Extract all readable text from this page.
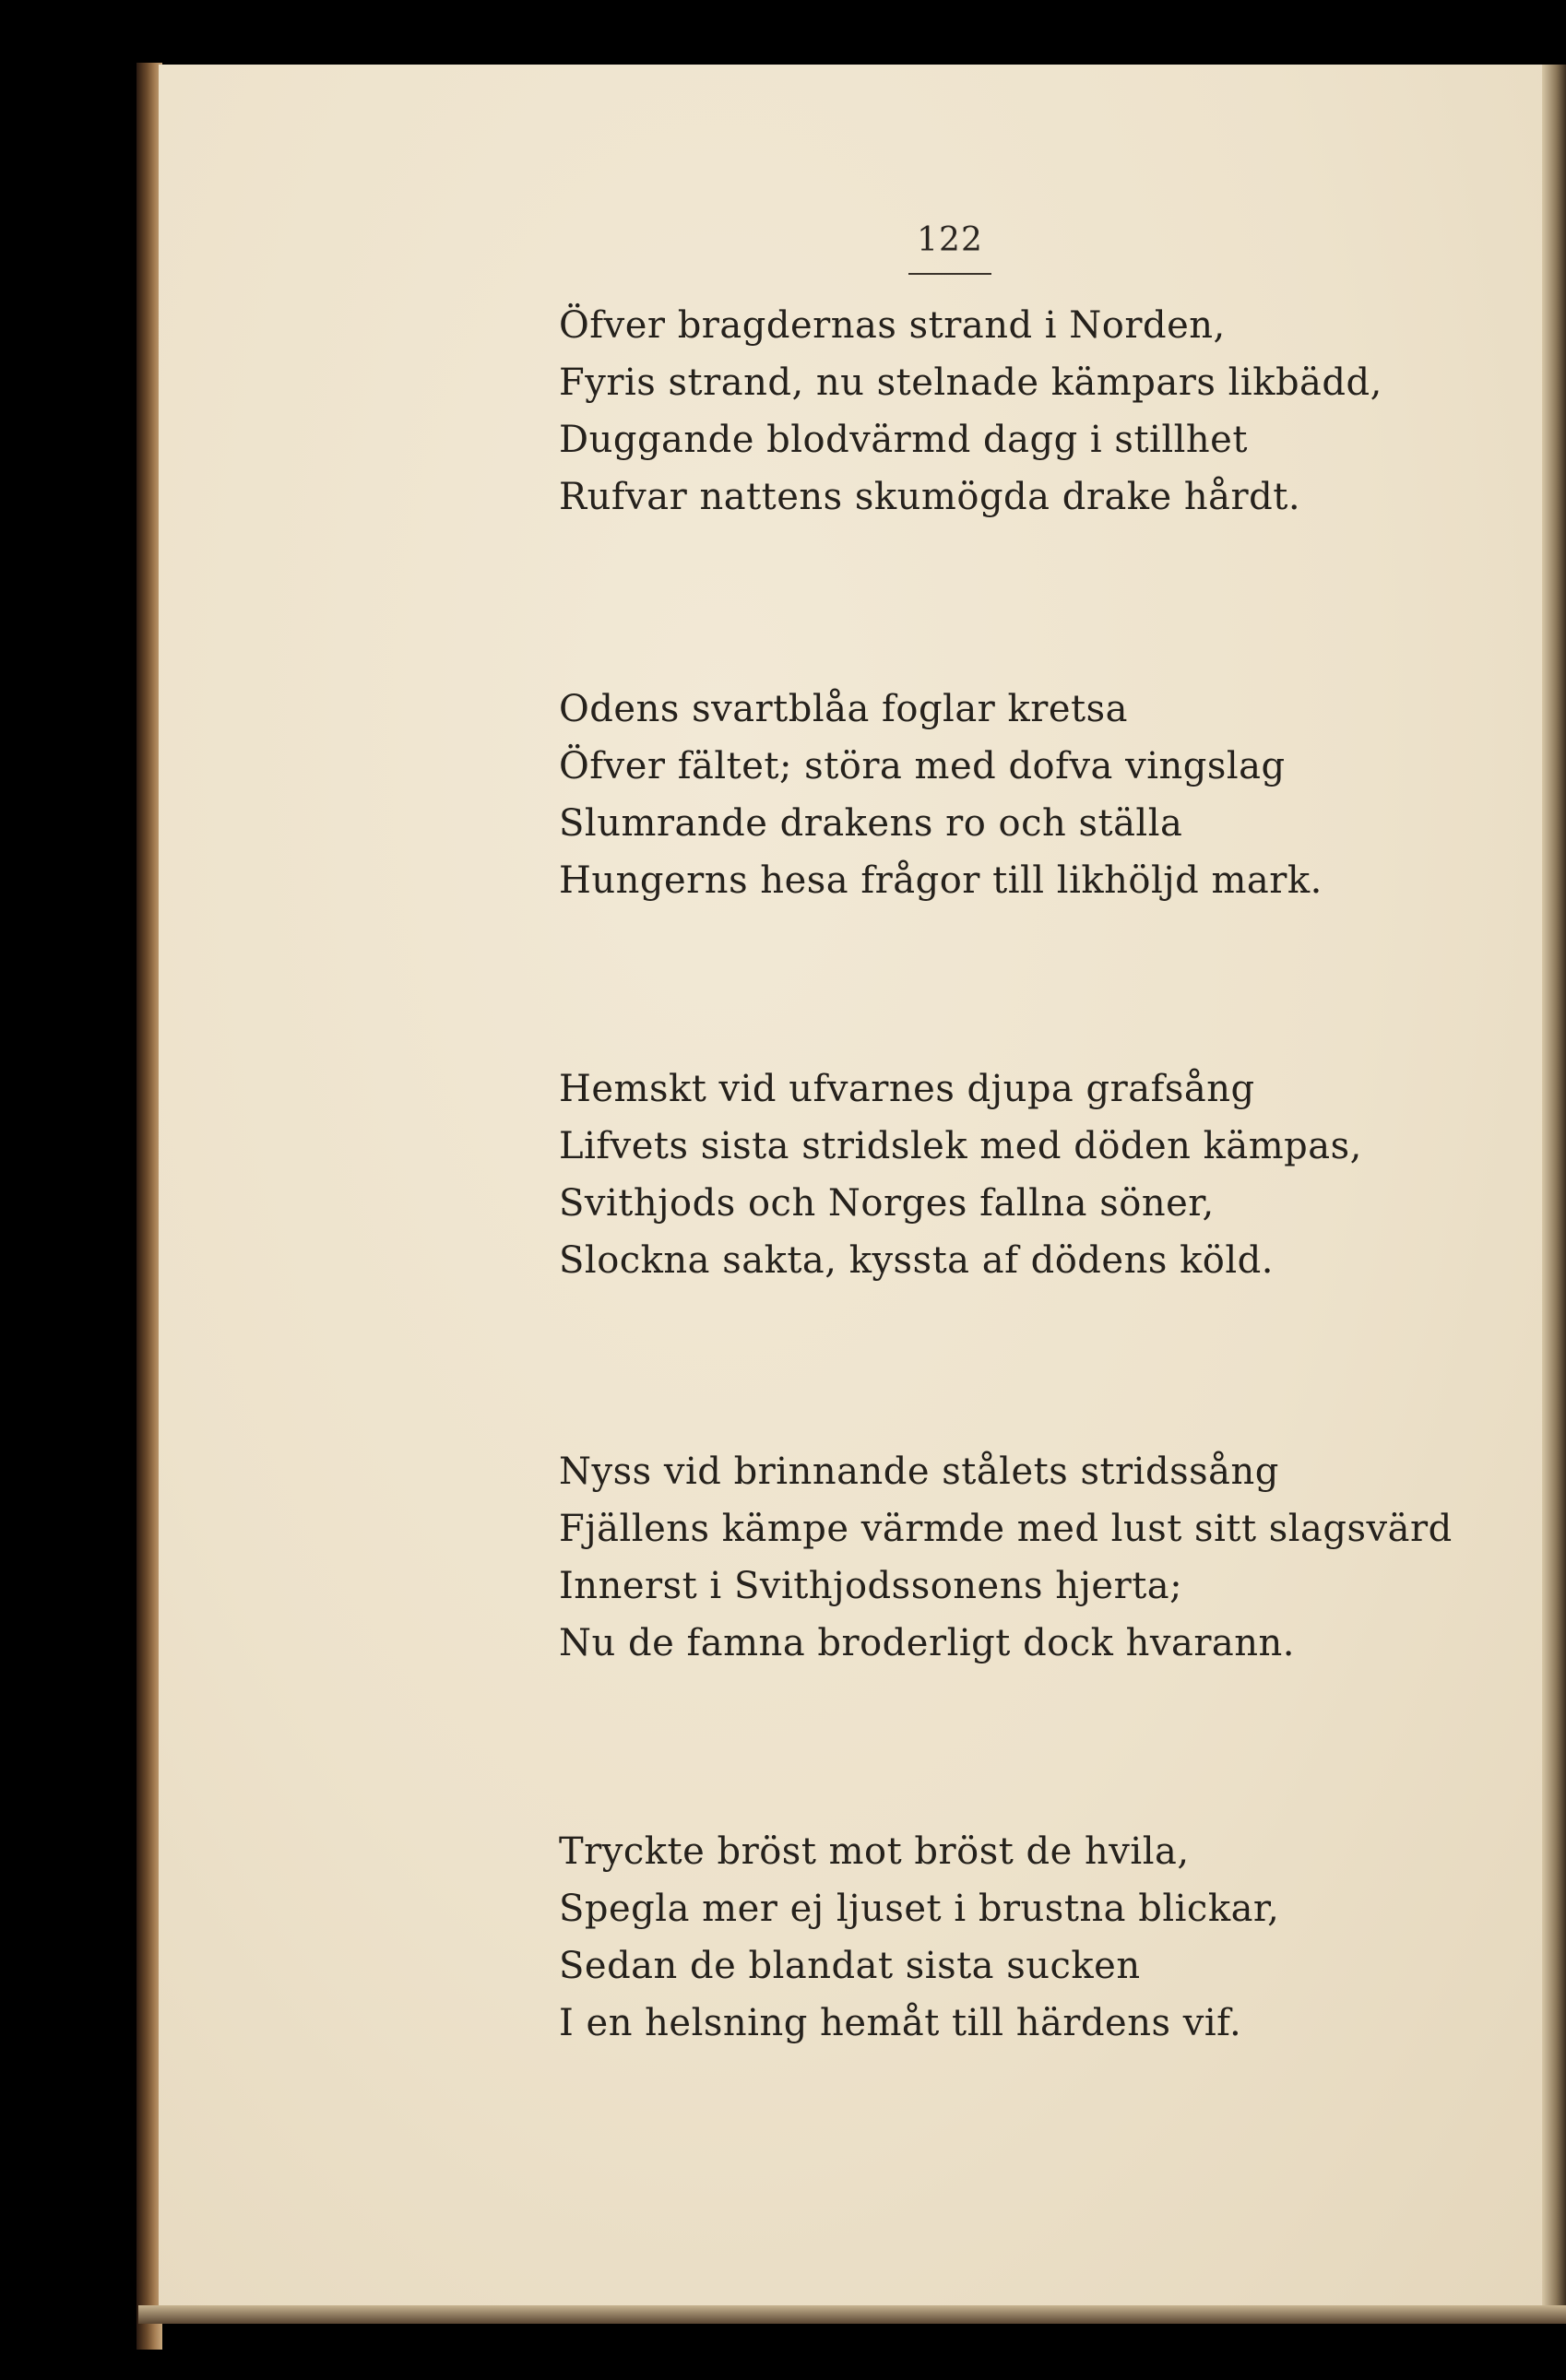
122
Öfver bragdernas strand i Norden,
Fyris strand, nu stelnade kämpars likbädd,
Duggande blodvärmd dagg i stillhet
Rufvar nattens skumögda drake hårdt.
Odens svartblåa foglar kretsa
Öfver fältet; störa med dofva vingslag
Slumrande drakens ro och ställa
Hungerns hesa frågor till likhöljd mark.
Hemskt vid ufvarnes djupa grafsång
Lifvets sista stridslek med döden kämpas,
Svithjods och Norges fallna söner,
Slockna sakta, kyssta af dödens köld.
Nyss vid brinnande stålets stridssång
Fjällens kämpe värmde med lust sitt slagsvärd
Innerst i Svithjodssonens hjerta;
Nu de famna broderligt dock hvarann.
Tryckte bröst mot bröst de hvila,
Spegla mer ej ljuset i brustna blickar,
Sedan de blandat sista sucken
I en helsning hemåt till härdens vif.
